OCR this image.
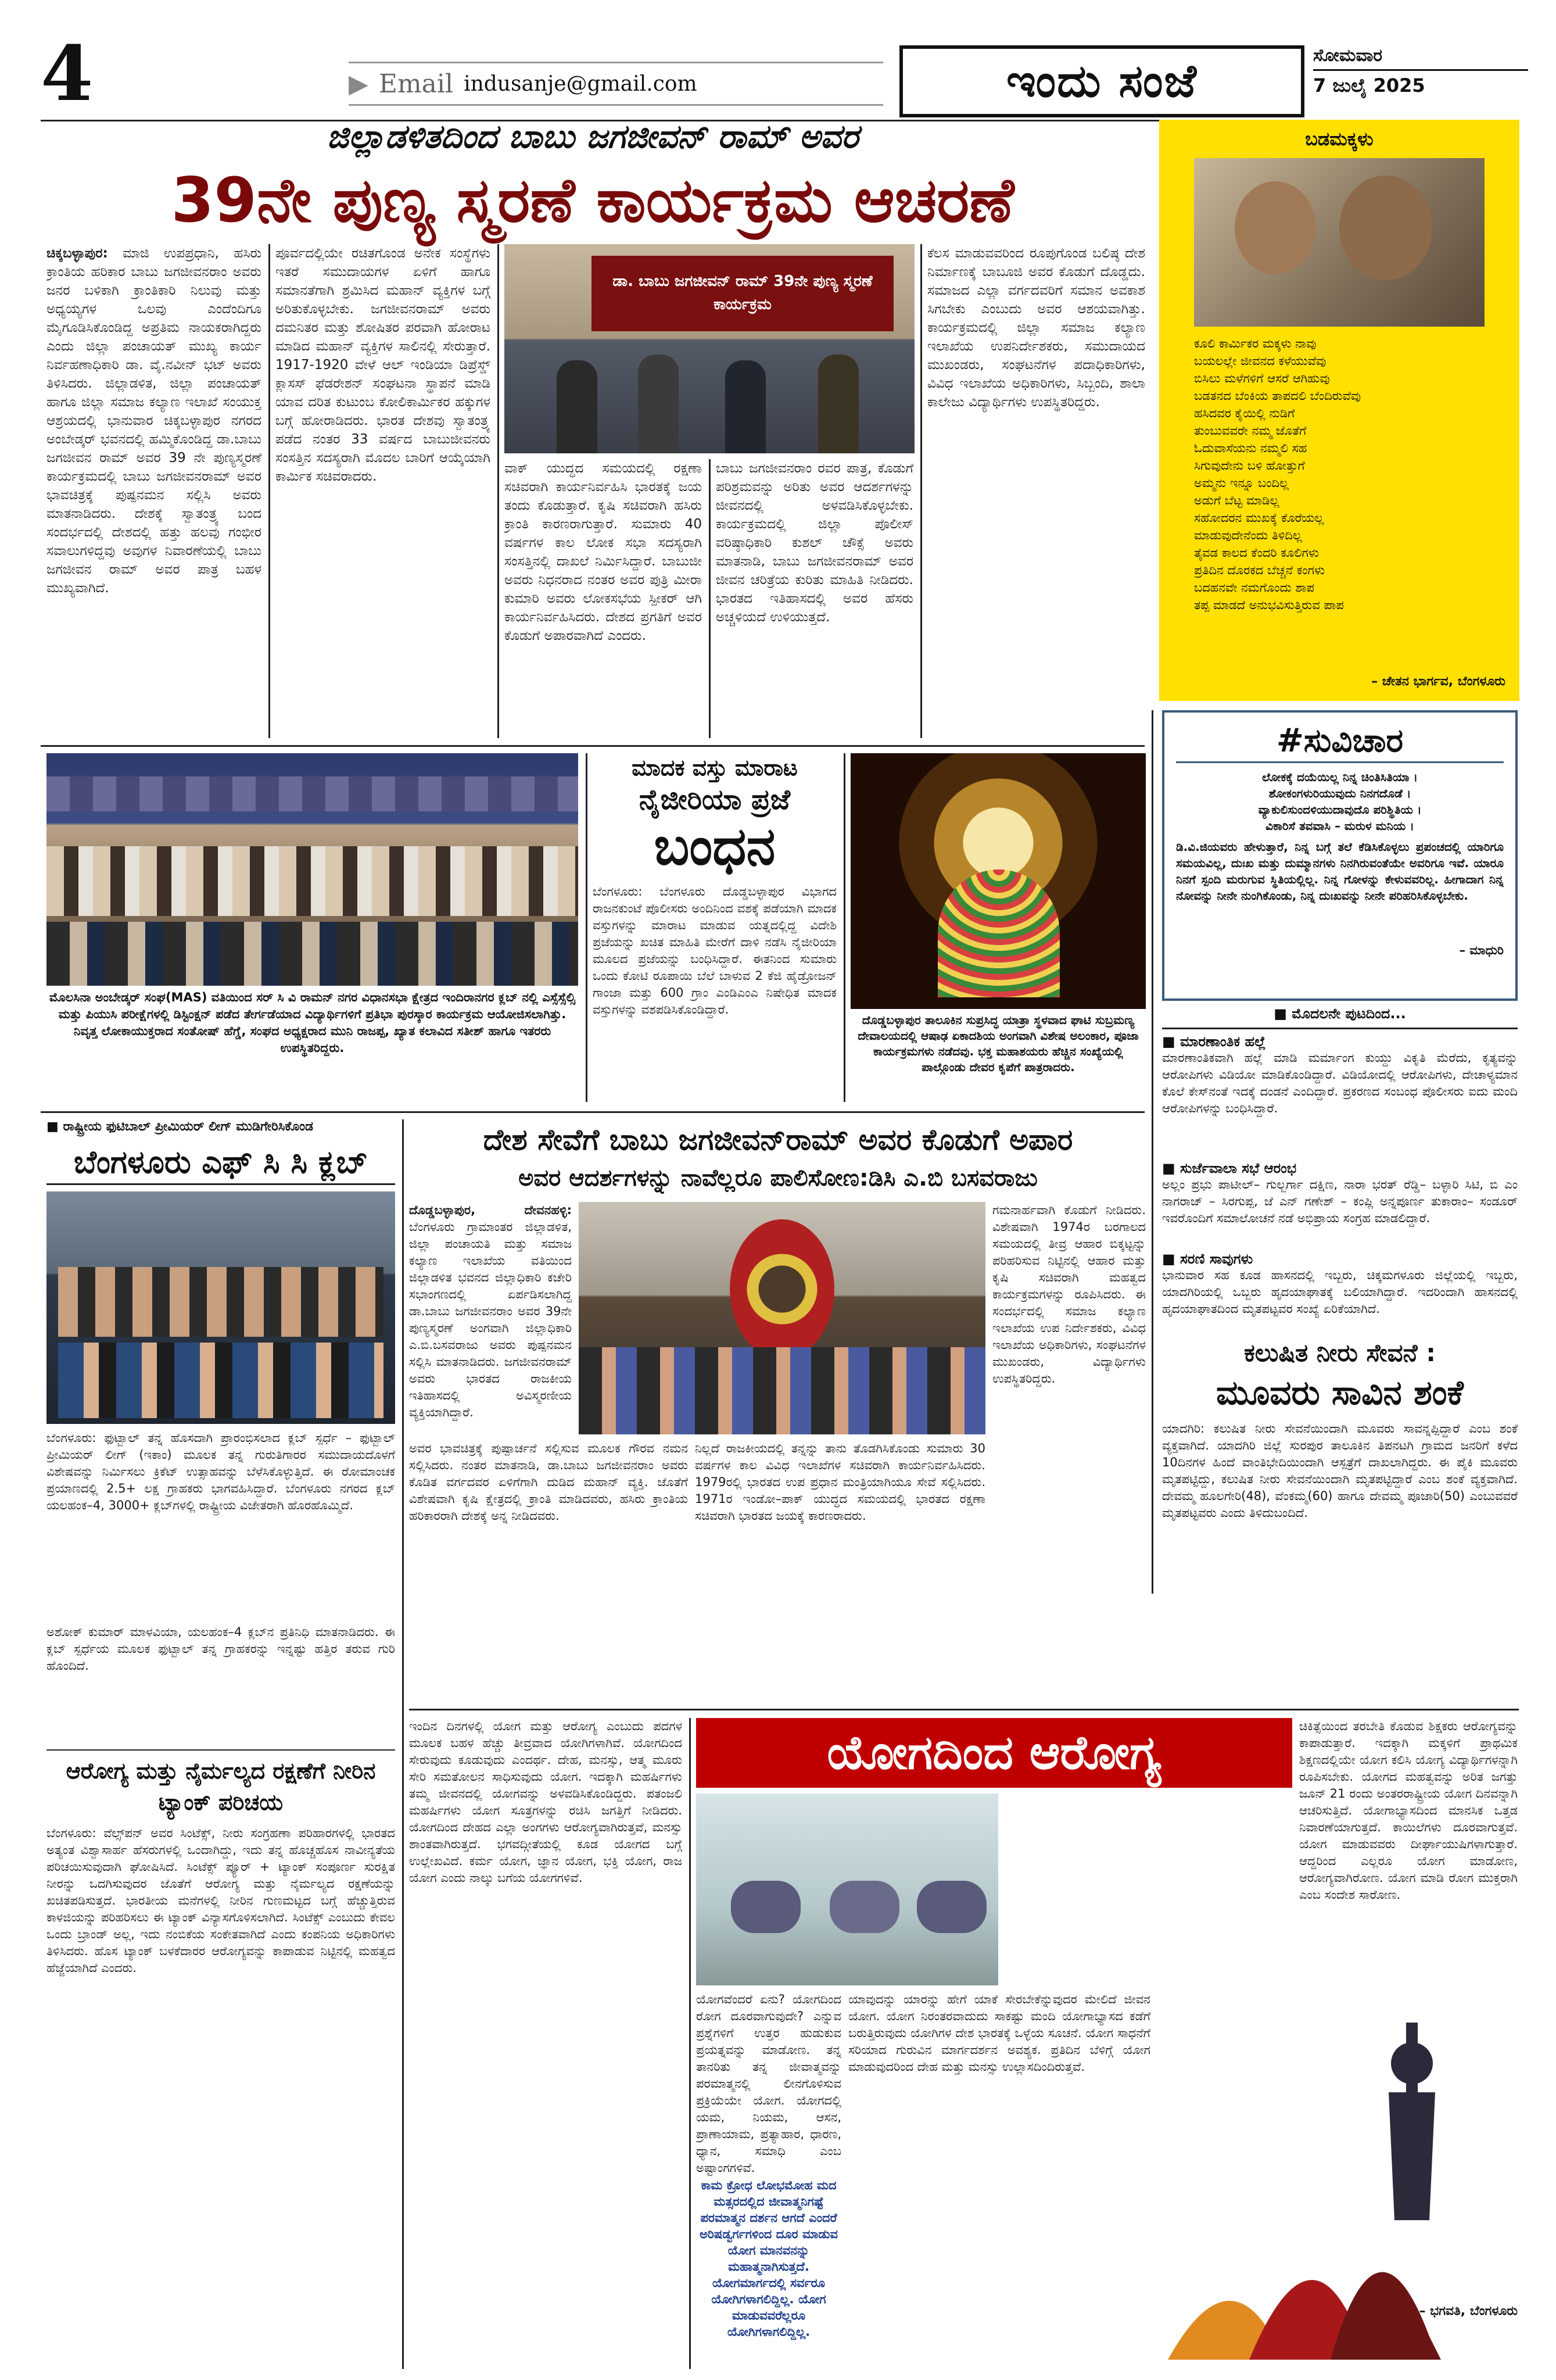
4	▶ Email indusanje@gmail.com	ಇಂದು ಸಂಜೆ	ಸೋಮವಾರ
7 ಜುಲೈ 2025
ಜಿಲ್ಲಾಡಳಿತದಿಂದ ಬಾಬು ಜಗಜೀವನ್ ರಾಮ್ ಅವರ
39ನೇ ಪುಣ್ಯ ಸ್ಮರಣೆ ಕಾರ್ಯಕ್ರಮ ಆಚರಣೆ
ಚಿಕ್ಕಬಳ್ಳಾಪುರ: ಮಾಜಿ ಉಪಪ್ರಧಾನಿ, ಹಸಿರು ಕ್ರಾಂತಿಯ ಹರಿಕಾರ ಬಾಬು ಜಗಜೀವನರಾಂ ಅವರು ಜನರ ಬಳಿಕಾಗಿ ಕ್ರಾಂತಿಕಾರಿ ನಿಲುವು ಮತ್ತು ಅಧ್ಯಯ್ಯಗಳ ಒಲವು ಎಂದೆಂದಿಗೂ ಮೈಗೂಡಿಸಿಕೊಂಡಿದ್ದ ಅಪ್ರತಿಮ ನಾಯಕರಾಗಿದ್ದರು ಎಂದು ಜಿಲ್ಲಾ ಪಂಚಾಯತ್ ಮುಖ್ಯ ಕಾರ್ಯ ನಿರ್ವಹಣಾಧಿಕಾರಿ ಡಾ. ವೈ.ನವೀನ್ ಭಟ್ ಅವರು ತಿಳಿಸಿದರು. ಜಿಲ್ಲಾಡಳಿತ, ಜಿಲ್ಲಾ ಪಂಚಾಯತ್ ಹಾಗೂ ಜಿಲ್ಲಾ ಸಮಾಜ ಕಲ್ಯಾಣ ಇಲಾಖೆ ಸಂಯುಕ್ತ ಆಶ್ರಯದಲ್ಲಿ ಭಾನುವಾರ ಚಿಕ್ಕಬಳ್ಳಾಪುರ ನಗರದ ಅಂಬೇಡ್ಕರ್ ಭವನದಲ್ಲಿ ಹಮ್ಮಿಕೊಂಡಿದ್ದ ಡಾ.ಬಾಬು ಜಗಜೀವನ ರಾಮ್ ಅವರ 39 ನೇ ಪುಣ್ಯಸ್ಮರಣೆ ಕಾರ್ಯಕ್ರಮದಲ್ಲಿ ಬಾಬು ಜಗಜೀವನರಾಮ್ ಅವರ ಭಾವಚಿತ್ರಕ್ಕೆ ಪುಷ್ಪನಮನ ಸಲ್ಲಿಸಿ ಅವರು ಮಾತನಾಡಿದರು. ದೇಶಕ್ಕೆ ಸ್ವಾತಂತ್ರ್ಯ ಬಂದ ಸಂದರ್ಭದಲ್ಲಿ ದೇಶದಲ್ಲಿ ಹತ್ತು ಹಲವು ಗಂಭೀರ ಸವಾಲುಗಳಿದ್ದವು ಅವುಗಳ ನಿವಾರಣೆಯಲ್ಲಿ ಬಾಬು ಜಗಜೀವನ ರಾಮ್ ಅವರ ಪಾತ್ರ ಬಹಳ ಮುಖ್ಯವಾಗಿದೆ.
ಪೂರ್ವದಲ್ಲಿಯೇ ರಚಿತಗೊಂಡ ಅನೇಕ ಸಂಸ್ಥೆಗಳು ಇತರೆ ಸಮುದಾಯಗಳ ಏಳಿಗೆ ಹಾಗೂ ಸಮಾನತೆಗಾಗಿ ಶ್ರಮಿಸಿದ ಮಹಾನ್ ವ್ಯಕ್ತಿಗಳ ಬಗ್ಗೆ ಅರಿತುಕೊಳ್ಳಬೇಕು. ಜಗಜೀವನರಾಮ್ ಅವರು ದಮನಿತರ ಮತ್ತು ಶೋಷಿತರ ಪರವಾಗಿ ಹೋರಾಟ ಮಾಡಿದ ಮಹಾನ್ ವ್ಯಕ್ತಿಗಳ ಸಾಲಿನಲ್ಲಿ ಸೇರುತ್ತಾರೆ. 1917-1920 ವೇಳೆ ಆಲ್ ಇಂಡಿಯಾ ಡಿಪ್ರೆಸ್ಡ್ ಕ್ಲಾಸಸ್ ಫೆಡರೇಶನ್ ಸಂಘಟನಾ ಸ್ಥಾಪನೆ ಮಾಡಿ ಯಾವ ದರಿತ ಕುಟುಂಬ ಕೋಲಿಕಾರ್ಮಿಕರ ಹಕ್ಕುಗಳ ಬಗ್ಗೆ ಹೋರಾಡಿದರು. ಭಾರತ ದೇಶವು ಸ್ವಾತಂತ್ರ್ಯ ಪಡೆದ ನಂತರ 33 ವರ್ಷದ ಬಾಬುಜೀವನರು ಸಂಸತ್ತಿನ ಸದಸ್ಯರಾಗಿ ಮೊದಲ ಬಾರಿಗೆ ಆಯ್ಕೆಯಾಗಿ ಕಾರ್ಮಿಕ ಸಚಿವರಾದರು.
ಡಾ. ಬಾಬು ಜಗಜೀವನ್ ರಾಮ್ 39ನೇ ಪುಣ್ಯ ಸ್ಮರಣೆ ಕಾರ್ಯಕ್ರಮ
ವಾಕ್ ಯುದ್ಧದ ಸಮಯದಲ್ಲಿ ರಕ್ಷಣಾ ಸಚಿವರಾಗಿ ಕಾರ್ಯನಿರ್ವಹಿಸಿ ಭಾರತಕ್ಕೆ ಜಯ ತಂದು ಕೊಡುತ್ತಾರೆ. ಕೃಷಿ ಸಚಿವರಾಗಿ ಹಸಿರು ಕ್ರಾಂತಿ ಕಾರಣರಾಗುತ್ತಾರೆ. ಸುಮಾರು 40 ವರ್ಷಗಳ ಕಾಲ ಲೋಕ ಸಭಾ ಸದಸ್ಯರಾಗಿ ಸಂಸತ್ತಿನಲ್ಲಿ ದಾಖಲೆ ನಿರ್ಮಿಸಿದ್ದಾರೆ. ಬಾಬುಜೀ ಅವರು ನಿಧನರಾದ ನಂತರ ಅವರ ಪುತ್ರಿ ಮೀರಾ ಕುಮಾರಿ ಅವರು ಲೋಕಸಭೆಯ ಸ್ಪೀಕರ್ ಆಗಿ ಕಾರ್ಯನಿರ್ವಹಿಸಿದರು. ದೇಶದ ಪ್ರಗತಿಗೆ ಅವರ ಕೊಡುಗೆ ಅಪಾರವಾಗಿದೆ ಎಂದರು.
ಬಾಬು ಜಗಜೀವನರಾಂ ರವರ ಪಾತ್ರ, ಕೊಡುಗೆ ಪರಿಶ್ರಮವನ್ನು ಅರಿತು ಅವರ ಆದರ್ಶಗಳನ್ನು ಜೀವನದಲ್ಲಿ ಅಳವಡಿಸಿಕೊಳ್ಳಬೇಕು. ಕಾರ್ಯಕ್ರಮದಲ್ಲಿ ಜಿಲ್ಲಾ ಪೊಲೀಸ್ ವರಿಷ್ಠಾಧಿಕಾರಿ ಕುಶಲ್ ಚೌಕ್ಸೆ ಅವರು ಮಾತನಾಡಿ, ಬಾಬು ಜಗಜೀವನರಾಮ್ ಅವರ ಜೀವನ ಚರಿತ್ರೆಯ ಕುರಿತು ಮಾಹಿತಿ ನೀಡಿದರು. ಭಾರತದ ಇತಿಹಾಸದಲ್ಲಿ ಅವರ ಹೆಸರು ಅಚ್ಚಳಿಯದೆ ಉಳಿಯುತ್ತದೆ.
ಕೆಲಸ ಮಾಡುವವರಿಂದ ರೂಪುಗೊಂಡ ಬಲಿಷ್ಠ ದೇಶ ನಿರ್ಮಾಣಕ್ಕೆ ಬಾಬೂಜಿ ಅವರ ಕೊಡುಗೆ ದೊಡ್ಡದು. ಸಮಾಜದ ಎಲ್ಲಾ ವರ್ಗದವರಿಗೆ ಸಮಾನ ಅವಕಾಶ ಸಿಗಬೇಕು ಎಂಬುದು ಅವರ ಆಶಯವಾಗಿತ್ತು. ಕಾರ್ಯಕ್ರಮದಲ್ಲಿ ಜಿಲ್ಲಾ ಸಮಾಜ ಕಲ್ಯಾಣ ಇಲಾಖೆಯ ಉಪನಿರ್ದೇಶಕರು, ಸಮುದಾಯದ ಮುಖಂಡರು, ಸಂಘಟನೆಗಳ ಪದಾಧಿಕಾರಿಗಳು, ವಿವಿಧ ಇಲಾಖೆಯ ಅಧಿಕಾರಿಗಳು, ಸಿಬ್ಬಂದಿ, ಶಾಲಾ ಕಾಲೇಜು ವಿದ್ಯಾರ್ಥಿಗಳು ಉಪಸ್ಥಿತರಿದ್ದರು.
ಬಡಮಕ್ಕಳು
ಕೂಲಿ ಕಾರ್ಮಿಕರ ಮಕ್ಕಳು ನಾವು
ಬಯಲಲ್ಲೇ ಜೀವನದ ಕಳೆಯುವೆವು
ಬಿಸಿಲು ಮಳೆಗಳಿಗೆ ಆಸರೆ ಆಗಿಹುವು
ಬಡತನದ ಬೆಂಕಿಯ ತಾಪದಲಿ ಬೆಂದಿರುವೆವು
ಹಸಿದವರ ಕೈಯಿಲ್ಲಿ ನುಡಿಗೆ
ತುಂಬುವವರೇ ನಮ್ಮ ಜೊತೆಗೆ
ಓದುವಾಸೆಯನು ನಮ್ಮಲಿ ಸಹ
ಸಿಗುವುದೇನು ಬಳಿ ಹೋತ್ತುಗೆ
ಅಮ್ಮನು ಇನ್ನೂ ಬಂದಿಲ್ಲ
ಅಡುಗೆ ಬೆಟ್ಟ ಮಾಡಿಲ್ಲ
ಸಹೋದರನ ಮುಖಕ್ಕೆ ಕೊರೆಯಲ್ಲ
ಮಾಡುವುದೇನೆಂದು ತಿಳಿದಿಲ್ಲ
ತೈವಡ ಕಾಲದ ಕೆಂದರಿ ಕೂಲಿಗಳು
ಪ್ರತಿದಿನ ದೊರಕದ ಬೆಚ್ಚನೆ ಕಂಗಳು
ಬದಹನವೇ ನಮಗೊಂದು ಶಾಪ
ತಪ್ಪ ಮಾಡದೆ ಅನುಭವಿಸುತ್ತಿರುವ ಪಾಪ
– ಚೇತನ ಭಾರ್ಗವ, ಬೆಂಗಳೂರು
#ಸುವಿಚಾರ
ಲೋಕಕ್ಕೆ ದಯೆಯಿಲ್ಲ ನಿನ್ನ ಚಿಂತಿಸಿತಿಯಾ ।
ಶೋಕಂಗಳುರಿಯುವುದು ನಿನಗದೊಡೆ ।
ವ್ಯಾಕುಲಿಸುಂದಳಿಯುದಾವುದೊ ಪರಿಶ್ಥಿತಿಯ ।
ವಿಕಾರಿಸೆ ತವವಾಸಿ – ಮರುಳ ಮನಿಯ ।
ಡಿ.ವಿ.ಜಿಯವರು ಹೇಳುತ್ತಾರೆ, ನಿನ್ನ ಬಗ್ಗೆ ತಲೆ ಕೆಡಿಸಿಕೊಳ್ಳಲು ಪ್ರಪಂಚದಲ್ಲಿ ಯಾರಿಗೂ ಸಮಯವಿಲ್ಲ, ದುಃಖ ಮತ್ತು ದುಮ್ಮಾನಗಳು ನಿನಗಿರುವಂತೆಯೇ ಅವರಿಗೂ ಇವೆ. ಯಾರೂ ನಿನಗೆ ಸ್ಪಂದಿ ಮರುಗುವ ಸ್ಥಿತಿಯಲ್ಲಿಲ್ಲ. ನಿನ್ನ ಗೋಳನ್ನು ಕೇಳುವವರಿಲ್ಲ. ಹೀಗಾದಾಗ ನಿನ್ನ ನೋವನ್ನು ನೀನೇ ನುಂಗಿಕೊಂಡು, ನಿನ್ನ ದುಃಖವನ್ನು ನೀನೇ ಪರಿಹರಿಸಿಕೊಳ್ಳಬೇಕು.
– ಮಾಧುರಿ
■ ಮೊದಲನೇ ಪುಟದಿಂದ...
■ ಮಾರಣಾಂತಿಕ ಹಲ್ಲೆ
ಮಾರಣಾಂತಿಕವಾಗಿ ಹಲ್ಲೆ ಮಾಡಿ ಮರ್ಮಾಂಗ ಕುಯ್ದು ವಿಕೃತಿ ಮೆರೆದು, ಕೃತ್ಯವನ್ನು ಆರೋಪಿಗಳು ವಿಡಿಯೋ ಮಾಡಿಕೊಂಡಿದ್ದಾರೆ. ವಿಡಿಯೋದಲ್ಲಿ ಆರೋಪಿಗಳು, ದೇಚಾಳ್ಯಮಾನ ಕೊಲೆ ಕೇಸ್‌ನಂತೆ ಇದಕ್ಕೆ ದಂಡನೆ ಎಂದಿದ್ದಾರೆ. ಪ್ರಕರಣದ ಸಂಬಂಧ ಪೊಲೀಸರು ಐದು ಮಂದಿ ಆರೋಪಿಗಳನ್ನು ಬಂಧಿಸಿದ್ದಾರೆ.
■ ಸುರ್ಜೆವಾಲಾ ಸಭೆ ಆರಂಭ
ಅಲ್ಲಂ ಪ್ರಭು ಪಾಟೀಲ್– ಗುಲ್ಬರ್ಗಾ ದಕ್ಷಿಣ, ನಾರಾ ಭರತ್ ರೆಡ್ಡಿ– ಬಳ್ಳಾರಿ ಸಿಟಿ, ಬಿ ಎಂ ನಾಗರಾಜ್ – ಸಿರಗುಪ್ಪ, ಜೆ ಎನ್ ಗಣೇಶ್ – ಕಂಪ್ಲಿ ಅನ್ನಪೂರ್ಣ ತುಕಾರಾಂ– ಸಂಡೂರ್ ಇವರೊಂದಿಗೆ ಸಮಾಲೋಚನೆ ನಡೆ ಅಭಿಪ್ರಾಯ ಸಂಗ್ರಹ ಮಾಡಲಿದ್ದಾರೆ.
■ ಸರಣಿ ಸಾವುಗಳು
ಭಾನುವಾರ ಸಹ ಕೂಡ ಹಾಸನದಲ್ಲಿ ಇಬ್ಬರು, ಚಿಕ್ಕಮಗಳೂರು ಜಿಲ್ಲೆಯಲ್ಲಿ ಇಬ್ಬರು, ಯಾದಗಿರಿಯಲ್ಲಿ ಒಬ್ಬರು ಹೃದಯಾಘಾತಕ್ಕೆ ಬಲಿಯಾಗಿದ್ದಾರೆ. ಇದರಿಂದಾಗಿ ಹಾಸನದಲ್ಲಿ ಹೃದಯಾಘಾತದಿಂದ ಮೃತಪಟ್ಟವರ ಸಂಖ್ಯೆ ಏರಿಕೆಯಾಗಿದೆ.
ಕಲುಷಿತ ನೀರು ಸೇವನೆ :
ಮೂವರು ಸಾವಿನ ಶಂಕೆ
ಯಾದಗಿರಿ: ಕಲುಷಿತ ನೀರು ಸೇವನೆಯಿಂದಾಗಿ ಮೂವರು ಸಾವನ್ನಪ್ಪಿದ್ದಾರೆ ಎಂಬ ಶಂಕೆ ವ್ಯಕ್ತವಾಗಿದೆ. ಯಾದಗಿರಿ ಜಿಲ್ಲೆ ಸುರಪುರ ತಾಲೂಕಿನ ತಿಪನಟಗಿ ಗ್ರಾಮದ ಜನರಿಗೆ ಕಳೆದ 10ದಿನಗಳ ಹಿಂದೆ ವಾಂತಿಭೇದಿಯಿಂದಾಗಿ ಆಸ್ಪತ್ರೆಗೆ ದಾಖಲಾಗಿದ್ದರು. ಈ ಪೈಕಿ ಮೂವರು ಮೃತಪಟ್ಟಿದ್ದು, ಕಲುಷಿತ ನೀರು ಸೇವನೆಯಿಂದಾಗಿ ಮೃತಪಟ್ಟಿದ್ದಾರೆ ಎಂಬ ಶಂಕೆ ವ್ಯಕ್ತವಾಗಿದೆ. ದೇವಮ್ಮ ಹೂಲಗೇರಿ(48), ವೆಂಕಮ್ಮ(60) ಹಾಗೂ ದೇವಮ್ಮ ಪೂಜಾರಿ(50) ಎಂಬುವವರೆ ಮೃತಪಟ್ಟವರು ಎಂದು ತಿಳಿದುಬಂದಿದೆ.
ಮೊಲಸಿನಾ ಅಂಬೇಡ್ಕರ್ ಸಂಘ(MAS) ವತಿಯಿಂದ ಸರ್ ಸಿ ವಿ ರಾಮನ್ ನಗರ ವಿಧಾನಸಭಾ ಕ್ಷೇತ್ರದ ಇಂದಿರಾನಗರ ಕ್ಲಬ್ ನಲ್ಲಿ ಎಸ್ಸೆಸ್ಸೆಲ್ಸಿ ಮತ್ತು ಪಿಯುಸಿ ಪರೀಕ್ಷೆಗಳಲ್ಲಿ ಡಿಸ್ಟಿಂಕ್ಷನ್ ಪಡೆದ ತೇರ್ಗಡೆಯಾದ ವಿದ್ಯಾರ್ಥಿಗಳಿಗೆ ಪ್ರತಿಭಾ ಪುರಸ್ಕಾರ ಕಾರ್ಯಕ್ರಮ ಆಯೋಜಿಸಲಾಗಿತ್ತು. ನಿವೃತ್ತ ಲೋಕಾಯುಕ್ತರಾದ ಸಂತೋಷ್ ಹೆಗ್ಡೆ, ಸಂಘದ ಅಧ್ಯಕ್ಷರಾದ ಮುನಿ ರಾಜಪ್ಪ, ಖ್ಯಾತ ಕಲಾವಿದ ಸತೀಶ್ ಹಾಗೂ ಇತರರು ಉಪಸ್ಥಿತರಿದ್ದರು.
ಮಾದಕ ವಸ್ತು ಮಾರಾಟ
ನೈಜೀರಿಯಾ ಪ್ರಜೆ
ಬಂಧನ
ಬೆಂಗಳೂರು: ಬೆಂಗಳೂರು ದೊಡ್ಡಬಳ್ಳಾಪುರ ವಿಭಾಗದ ರಾಜನಕುಂಟೆ ಪೊಲೀಸರು ಅಂದಿನಿಂದ ವಶಕ್ಕೆ ಪಡೆಯಾಗಿ ಮಾದಕ ವಸ್ತುಗಳನ್ನು ಮಾರಾಟ ಮಾಡುವ ಯತ್ನದಲ್ಲಿದ್ದ ವಿದೇಶಿ ಪ್ರಜೆಯನ್ನು ಖಚಿತ ಮಾಹಿತಿ ಮೇರೆಗೆ ದಾಳಿ ನಡೆಸಿ ನೈಜೀರಿಯಾ ಮೂಲದ ಪ್ರಜೆಯನ್ನು ಬಂಧಿಸಿದ್ದಾರೆ. ಈತನಿಂದ ಸುಮಾರು ಒಂದು ಕೋಟಿ ರೂಪಾಯಿ ಬೆಲೆ ಬಾಳುವ 2 ಕೆಜಿ ಹೈಡ್ರೋಜನ್ ಗಾಂಜಾ ಮತ್ತು 600 ಗ್ರಾಂ ಎಂಡಿಎಂಎ ನಿಷೇಧಿತ ಮಾದಕ ವಸ್ತುಗಳನ್ನು ವಶಪಡಿಸಿಕೊಂಡಿದ್ದಾರೆ.
ದೊಡ್ಡಬಳ್ಳಾಪುರ ತಾಲೂಕಿನ ಸುಪ್ರಸಿದ್ಧ ಯಾತ್ರಾ ಸ್ಥಳವಾದ ಘಾಟಿ ಸುಬ್ರಮಣ್ಯ ದೇವಾಲಯದಲ್ಲಿ ಆಷಾಢ ಏಕಾದಶಿಯ ಅಂಗವಾಗಿ ವಿಶೇಷ ಅಲಂಕಾರ, ಪೂಜಾ ಕಾರ್ಯಕ್ರಮಗಳು ನಡೆದವು. ಭಕ್ತ ಮಹಾಶಯರು ಹೆಚ್ಚಿನ ಸಂಖ್ಯೆಯಲ್ಲಿ ಪಾಲ್ಗೊಂಡು ದೇವರ ಕೃಪೆಗೆ ಪಾತ್ರರಾದರು.
■ ರಾಷ್ಟ್ರೀಯ ಫುಟಿಬಾಲ್ ಪ್ರೀಮಿಯರ್ ಲೀಗ್ ಮುಡಿಗೇರಿಸಿಕೊಂಡ
ಬೆಂಗಳೂರು ಎಫ್ ಸಿ ಸಿ ಕ್ಲಬ್
ಬೆಂಗಳೂರು: ಫುಟ್ಬಾಲ್ ತನ್ನ ಹೊಸದಾಗಿ ಪ್ರಾರಂಭಿಸಲಾದ ಕ್ಲಬ್ ಸ್ಪರ್ಧೆ – ಫುಟ್ಬಾಲ್ ಪ್ರೀಮಿಯರ್ ಲೀಗ್ (ಇಕಾಂ) ಮೂಲಕ ತನ್ನ ಗುರುತಿಗಾರರ ಸಮುದಾಯದೊಳಗೆ ವಿಶೇಷವನ್ನು ನಿರ್ಮಿಸಲು ಕ್ರಿಕೆಟ್ ಉತ್ಸಾಹವನ್ನು ಬೆಳೆಸಿಕೊಳ್ಳುತ್ತಿದೆ. ಈ ರೋಮಾಂಚಕ ಪ್ರಯಾಣದಲ್ಲಿ 2.5+ ಲಕ್ಷ ಗ್ರಾಹಕರು ಭಾಗವಹಿಸಿದ್ದಾರೆ. ಬೆಂಗಳೂರು ನಗರದ ಕ್ಲಬ್ ಯಲಹಂಕ–4, 3000+ ಕ್ಲಬ್‌ಗಳಲ್ಲಿ ರಾಷ್ಟ್ರೀಯ ವಿಜೇತರಾಗಿ ಹೊರಹೊಮ್ಮಿದೆ.
ಅಶೋಕ್ ಕುಮಾರ್ ಮಾಳವಿಯಾ, ಯಲಹಂಕ–4 ಕ್ಲಬ್‌ನ ಪ್ರತಿನಿಧಿ ಮಾತನಾಡಿದರು. ಈ ಕ್ಲಬ್ ಸ್ಪರ್ಧೆಯ ಮೂಲಕ ಫುಟ್ಬಾಲ್ ತನ್ನ ಗ್ರಾಹಕರನ್ನು ಇನ್ನಷ್ಟು ಹತ್ತಿರ ತರುವ ಗುರಿ ಹೊಂದಿದೆ.
ಆರೋಗ್ಯ ಮತ್ತು ನೈರ್ಮಲ್ಯದ ರಕ್ಷಣೆಗೆ ನೀರಿನ ಟ್ಯಾಂಕ್ ಪರಿಚಯ
ಬೆಂಗಳೂರು: ವೆಲ್ಸ್‌ಪನ್ ಅವರ ಸಿಂಟೆಕ್ಸ್, ನೀರು ಸಂಗ್ರಹಣಾ ಪರಿಹಾರಗಳಲ್ಲಿ ಭಾರತದ ಅತ್ಯಂತ ವಿಶ್ವಾಸಾರ್ಹ ಹೆಸರುಗಳಲ್ಲಿ ಒಂದಾಗಿದ್ದು, ಇದು ತನ್ನ ಹೊಚ್ಚಹೊಸ ನಾವೀನ್ಯತೆಯ ಪರಿಚಯಿಸುವುದಾಗಿ ಘೋಷಿಸಿದೆ. ಸಿಂಟೆಕ್ಸ್ ಪ್ಯೂರ್ + ಟ್ಯಾಂಕ್ ಸಂಪೂರ್ಣ ಸುರಕ್ಷಿತ ನೀರನ್ನು ಒದಗಿಸುವುದರ ಜೊತೆಗೆ ಆರೋಗ್ಯ ಮತ್ತು ನೈರ್ಮಲ್ಯದ ರಕ್ಷಣೆಯನ್ನು ಖಚಿತಪಡಿಸುತ್ತದೆ. ಭಾರತೀಯ ಮನೆಗಳಲ್ಲಿ ನೀರಿನ ಗುಣಮಟ್ಟದ ಬಗ್ಗೆ ಹೆಚ್ಚುತ್ತಿರುವ ಕಾಳಜಿಯನ್ನು ಪರಿಹರಿಸಲು ಈ ಟ್ಯಾಂಕ್ ವಿನ್ಯಾಸಗೊಳಿಸಲಾಗಿದೆ. ಸಿಂಟೆಕ್ಸ್ ಎಂಬುದು ಕೇವಲ ಒಂದು ಬ್ರಾಂಡ್ ಅಲ್ಲ, ಇದು ನಂಬಿಕೆಯ ಸಂಕೇತವಾಗಿದೆ ಎಂದು ಕಂಪನಿಯ ಅಧಿಕಾರಿಗಳು ತಿಳಿಸಿದರು. ಹೊಸ ಟ್ಯಾಂಕ್ ಬಳಕೆದಾರರ ಆರೋಗ್ಯವನ್ನು ಕಾಪಾಡುವ ನಿಟ್ಟಿನಲ್ಲಿ ಮಹತ್ವದ ಹೆಜ್ಜೆಯಾಗಿದೆ ಎಂದರು.
ದೇಶ ಸೇವೆಗೆ ಬಾಬು ಜಗಜೀವನ್‌ರಾಮ್ ಅವರ ಕೊಡುಗೆ ಅಪಾರ
ಅವರ ಆದರ್ಶಗಳನ್ನು ನಾವೆಲ್ಲರೂ ಪಾಲಿಸೋಣ:ಡಿಸಿ ಎ.ಬಿ ಬಸವರಾಜು
ದೊಡ್ಡಬಳ್ಳಾಪುರ, ದೇವನಹಳ್ಳಿ: ಬೆಂಗಳೂರು ಗ್ರಾಮಾಂತರ ಜಿಲ್ಲಾಡಳಿತ, ಜಿಲ್ಲಾ ಪಂಚಾಯತಿ ಮತ್ತು ಸಮಾಜ ಕಲ್ಯಾಣ ಇಲಾಖೆಯ ವತಿಯಿಂದ ಜಿಲ್ಲಾಡಳಿತ ಭವನದ ಜಿಲ್ಲಾಧಿಕಾರಿ ಕಚೇರಿ ಸಭಾಂಗಣದಲ್ಲಿ ಏರ್ಪಡಿಸಲಾಗಿದ್ದ ಡಾ.ಬಾಬು ಜಗಜೀವನರಾಂ ಅವರ 39ನೇ ಪುಣ್ಯಸ್ಮರಣೆ ಅಂಗವಾಗಿ ಜಿಲ್ಲಾಧಿಕಾರಿ ಎ.ಬಿ.ಬಸವರಾಜು ಅವರು ಪುಷ್ಪನಮನ ಸಲ್ಲಿಸಿ ಮಾತನಾಡಿದರು. ಜಗಜೀವನರಾಮ್ ಅವರು ಭಾರತದ ರಾಜಕೀಯ ಇತಿಹಾಸದಲ್ಲಿ ಅವಿಸ್ಮರಣೀಯ ವ್ಯಕ್ತಿಯಾಗಿದ್ದಾರೆ.
ಗಮನಾರ್ಹವಾಗಿ ಕೊಡುಗೆ ನೀಡಿದರು. ವಿಶೇಷವಾಗಿ 1974ರ ಬರಗಾಲದ ಸಮಯದಲ್ಲಿ ತೀವ್ರ ಆಹಾರ ಬಿಕ್ಕಟ್ಟನ್ನು ಪರಿಹರಿಸುವ ನಿಟ್ಟಿನಲ್ಲಿ ಆಹಾರ ಮತ್ತು ಕೃಷಿ ಸಚಿವರಾಗಿ ಮಹತ್ವದ ಕಾರ್ಯಕ್ರಮಗಳನ್ನು ರೂಪಿಸಿದರು. ಈ ಸಂದರ್ಭದಲ್ಲಿ ಸಮಾಜ ಕಲ್ಯಾಣ ಇಲಾಖೆಯ ಉಪ ನಿರ್ದೇಶಕರು, ವಿವಿಧ ಇಲಾಖೆಯ ಅಧಿಕಾರಿಗಳು, ಸಂಘಟನೆಗಳ ಮುಖಂಡರು, ವಿದ್ಯಾರ್ಥಿಗಳು ಉಪಸ್ಥಿತರಿದ್ದರು.
ಅವರ ಭಾವಚಿತ್ರಕ್ಕೆ ಪುಷ್ಪಾರ್ಚನೆ ಸಲ್ಲಿಸುವ ಮೂಲಕ ಗೌರವ ನಮನ ಸಲ್ಲಿಸಿದರು. ನಂತರ ಮಾತನಾಡಿ, ಡಾ.ಬಾಬು ಜಗಜೀವನರಾಂ ಅವರು ಕೊಡಿತ ವರ್ಗದವರ ಏಳಿಗೆಗಾಗಿ ದುಡಿದ ಮಹಾನ್ ವ್ಯಕ್ತಿ. ಜೊತೆಗೆ ವಿಶೇಷವಾಗಿ ಕೃಷಿ ಕ್ಷೇತ್ರದಲ್ಲಿ ಕ್ರಾಂತಿ ಮಾಡಿದವರು, ಹಸಿರು ಕ್ರಾಂತಿಯ ಹರಿಕಾರರಾಗಿ ದೇಶಕ್ಕೆ ಅನ್ನ ನೀಡಿದವರು.
ನಿಲ್ಲದೆ ರಾಜಕೀಯದಲ್ಲಿ ತನ್ನನ್ನು ತಾನು ತೊಡಗಿಸಿಕೊಂಡು ಸುಮಾರು 30 ವರ್ಷಗಳ ಕಾಲ ವಿವಿಧ ಇಲಾಖೆಗಳ ಸಚಿವರಾಗಿ ಕಾರ್ಯನಿರ್ವಹಿಸಿದರು. 1979ರಲ್ಲಿ ಭಾರತದ ಉಪ ಪ್ರಧಾನ ಮಂತ್ರಿಯಾಗಿಯೂ ಸೇವೆ ಸಲ್ಲಿಸಿದರು. 1971ರ ಇಂಡೋ–ಪಾಕ್ ಯುದ್ಧದ ಸಮಯದಲ್ಲಿ ಭಾರತದ ರಕ್ಷಣಾ ಸಚಿವರಾಗಿ ಭಾರತದ ಜಯಕ್ಕೆ ಕಾರಣರಾದರು.
ಇಂದಿನ ದಿನಗಳಲ್ಲಿ ಯೋಗ ಮತ್ತು ಆರೋಗ್ಯ ಎಂಬುದು ಪದಗಳ ಮೂಲಕ ಬಹಳ ಹೆಚ್ಚು ತೀವ್ರವಾದ ಯೋಗಿಗಳಾಗಿವೆ. ಯೋಗದಿಂದ ಸೇರುವುದು ಕೂಡುವುದು ಎಂದರ್ಥ. ದೇಹ, ಮನಸ್ಸು, ಆತ್ಮ ಮೂರು ಸೇರಿ ಸಮತೋಲನ ಸಾಧಿಸುವುದು ಯೋಗ. ಇದಕ್ಕಾಗಿ ಮಹರ್ಷಿಗಳು ತಮ್ಮ ಜೀವನದಲ್ಲಿ ಯೋಗವನ್ನು ಅಳವಡಿಸಿಕೊಂಡಿದ್ದರು. ಪತಂಜಲಿ ಮಹರ್ಷಿಗಳು ಯೋಗ ಸೂತ್ರಗಳನ್ನು ರಚಿಸಿ ಜಗತ್ತಿಗೆ ನೀಡಿದರು. ಯೋಗದಿಂದ ದೇಹದ ಎಲ್ಲಾ ಅಂಗಗಳು ಆರೋಗ್ಯವಾಗಿರುತ್ತವೆ, ಮನಸ್ಸು ಶಾಂತವಾಗಿರುತ್ತದೆ. ಭಗವದ್ಗೀತೆಯಲ್ಲಿ ಕೂಡ ಯೋಗದ ಬಗ್ಗೆ ಉಲ್ಲೇಖವಿದೆ. ಕರ್ಮ ಯೋಗ, ಜ್ಞಾನ ಯೋಗ, ಭಕ್ತಿ ಯೋಗ, ರಾಜ ಯೋಗ ಎಂದು ನಾಲ್ಕು ಬಗೆಯ ಯೋಗಗಳಿವೆ.
ಯೋಗದಿಂದ ಆರೋಗ್ಯ
ಯೋಗವೆಂದರೆ ಏನು? ಯೋಗದಿಂದ ರೋಗ ದೂರವಾಗುವುದೇ? ಎನ್ನುವ ಪ್ರಶ್ನೆಗಳಿಗೆ ಉತ್ತರ ಹುಡುಕುವ ಪ್ರಯತ್ನವನ್ನು ಮಾಡೋಣ. ತನ್ನ ತಾನರಿತು ತನ್ನ ಜೀವಾತ್ಮವನ್ನು ಪರಮಾತ್ಮನಲ್ಲಿ ಲೀನಗೊಳಿಸುವ ಪ್ರಕ್ರಿಯೆಯೇ ಯೋಗ. ಯೋಗದಲ್ಲಿ ಯಮ, ನಿಯಮ, ಆಸನ, ಪ್ರಾಣಾಯಾಮ, ಪ್ರತ್ಯಾಹಾರ, ಧಾರಣ, ಧ್ಯಾನ, ಸಮಾಧಿ ಎಂಬ ಅಷ್ಟಾಂಗಗಳಿವೆ.
ಕಾಮ ಕ್ರೋಧ ಲೋಭಮೋಹ ಮದ ಮತ್ಸರದಲ್ಲಿದ ಜೀವಾತ್ಮನಿಗಷ್ಟೆ ಪರಮಾತ್ಮನ ದರ್ಶನ ಆಗದೆ ಎಂದರೆ ಅರಿಷಡ್ವರ್ಗಗಳಿಂದ ದೂರ ಮಾಡುವ ಯೋಗ ಮಾನವನನ್ನು ಮಹಾತ್ಮನಾಗಿಸುತ್ತದೆ. ಯೋಗಮಾರ್ಗದಲ್ಲಿ ಸರ್ವರೂ ಯೋಗಿಗಳಾಗಲಿದ್ದಿಲ್ಲ. ಯೋಗ ಮಾಡುವವರೆಲ್ಲರೂ ಯೋಗಿಗಳಾಗಲಿದ್ದಿಲ್ಲ.
ಯಾವುದನ್ನು ಯಾರನ್ನು ಹೇಗೆ ಯಾಕೆ ಸೇರಬೇಕೆನ್ನುವುದರ ಮೇಲಿದೆ ಜೀವನ ಯೋಗ. ಯೋಗ ನಿರಂತರವಾದುದು ಸಾಕಷ್ಟು ಮಂದಿ ಯೋಗಾಭ್ಯಾಸದ ಕಡೆಗೆ ಬರುತ್ತಿರುವುದು ಯೋಗಿಗಳ ದೇಶ ಭಾರತಕ್ಕೆ ಒಳ್ಳೆಯ ಸೂಚನೆ. ಯೋಗ ಸಾಧನೆಗೆ ಸರಿಯಾದ ಗುರುವಿನ ಮಾರ್ಗದರ್ಶನ ಅವಶ್ಯಕ. ಪ್ರತಿದಿನ ಬೆಳಿಗ್ಗೆ ಯೋಗ ಮಾಡುವುದರಿಂದ ದೇಹ ಮತ್ತು ಮನಸ್ಸು ಉಲ್ಲಾಸದಿಂದಿರುತ್ತವೆ.
ಚಿಕಿತ್ಸೆಯಿಂದ ತರಬೇತಿ ಕೊಡುವ ಶಿಕ್ಷಕರು ಆರೋಗ್ಯವನ್ನು ಕಾಪಾಡುತ್ತಾರೆ. ಇದಕ್ಕಾಗಿ ಮಕ್ಕಳಿಗೆ ಪ್ರಾಥಮಿಕ ಶಿಕ್ಷಣದಲ್ಲಿಯೇ ಯೋಗ ಕಲಿಸಿ ಯೋಗ್ಯ ವಿದ್ಯಾರ್ಥಿಗಳನ್ನಾಗಿ ರೂಪಿಸಬೇಕು. ಯೋಗದ ಮಹತ್ವವನ್ನು ಅರಿತ ಜಗತ್ತು ಜೂನ್ 21 ರಂದು ಅಂತರರಾಷ್ಟ್ರೀಯ ಯೋಗ ದಿನವನ್ನಾಗಿ ಆಚರಿಸುತ್ತಿದೆ. ಯೋಗಾಭ್ಯಾಸದಿಂದ ಮಾನಸಿಕ ಒತ್ತಡ ನಿವಾರಣೆಯಾಗುತ್ತದೆ. ಕಾಯಿಲೆಗಳು ದೂರವಾಗುತ್ತವೆ. ಯೋಗ ಮಾಡುವವರು ದೀರ್ಘಾಯುಷಿಗಳಾಗುತ್ತಾರೆ. ಆದ್ದರಿಂದ ಎಲ್ಲರೂ ಯೋಗ ಮಾಡೋಣ, ಆರೋಗ್ಯವಾಗಿರೋಣ. ಯೋಗ ಮಾಡಿ ರೋಗ ಮುಕ್ತರಾಗಿ ಎಂಬ ಸಂದೇಶ ಸಾರೋಣ.
– ಭಗವತಿ, ಬೆಂಗಳೂರು
